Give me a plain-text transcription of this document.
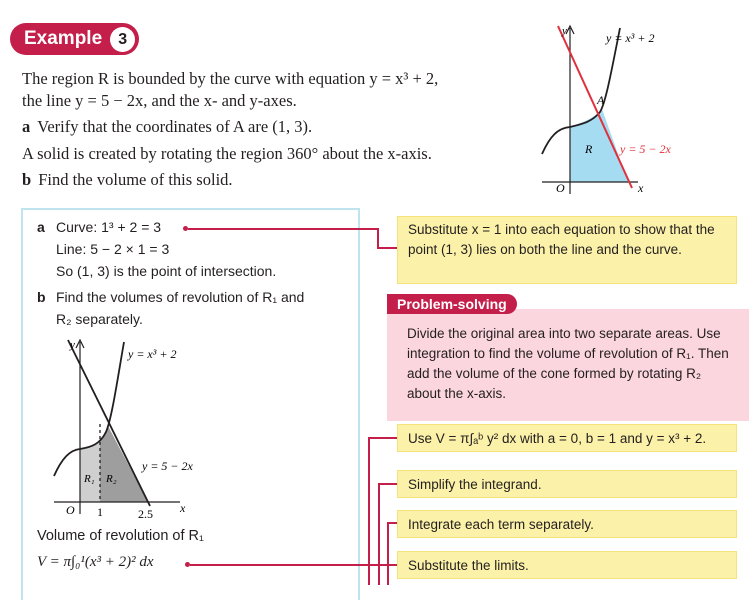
Example	3
The region R is bounded by the curve with equation y = x³ + 2,
the line y = 5 − 2x, and the x- and y-axes.
a Verify that the coordinates of A are (1, 3).
A solid is created by rotating the region 360° about the x-axis.
b Find the volume of this solid.
y
x
O
y = x³ + 2
y = 5 − 2x
A
R
a Curve: 1³ + 2 = 3
Line: 5 − 2 × 1 = 3
So (1, 3) is the point of intersection.
b Find the volumes of revolution of R₁ and
R₂ separately.
y
x
O
y = x³ + 2
y = 5 − 2x
R₁ R₂
1	2.5
Volume of revolution of R₁
V = π∫₀¹(x³ + 2)² dx
Substitute x = 1 into each equation to show that the point (1, 3) lies on both the line and the curve.
Problem-solving
Divide the original area into two separate areas. Use integration to find the volume of revolution of R₁. Then add the volume of the cone formed by rotating R₂ about the x-axis.
Use V = π∫ₐᵇ y² dx with a = 0, b = 1 and y = x³ + 2.
Simplify the integrand.
Integrate each term separately.
Substitute the limits.
